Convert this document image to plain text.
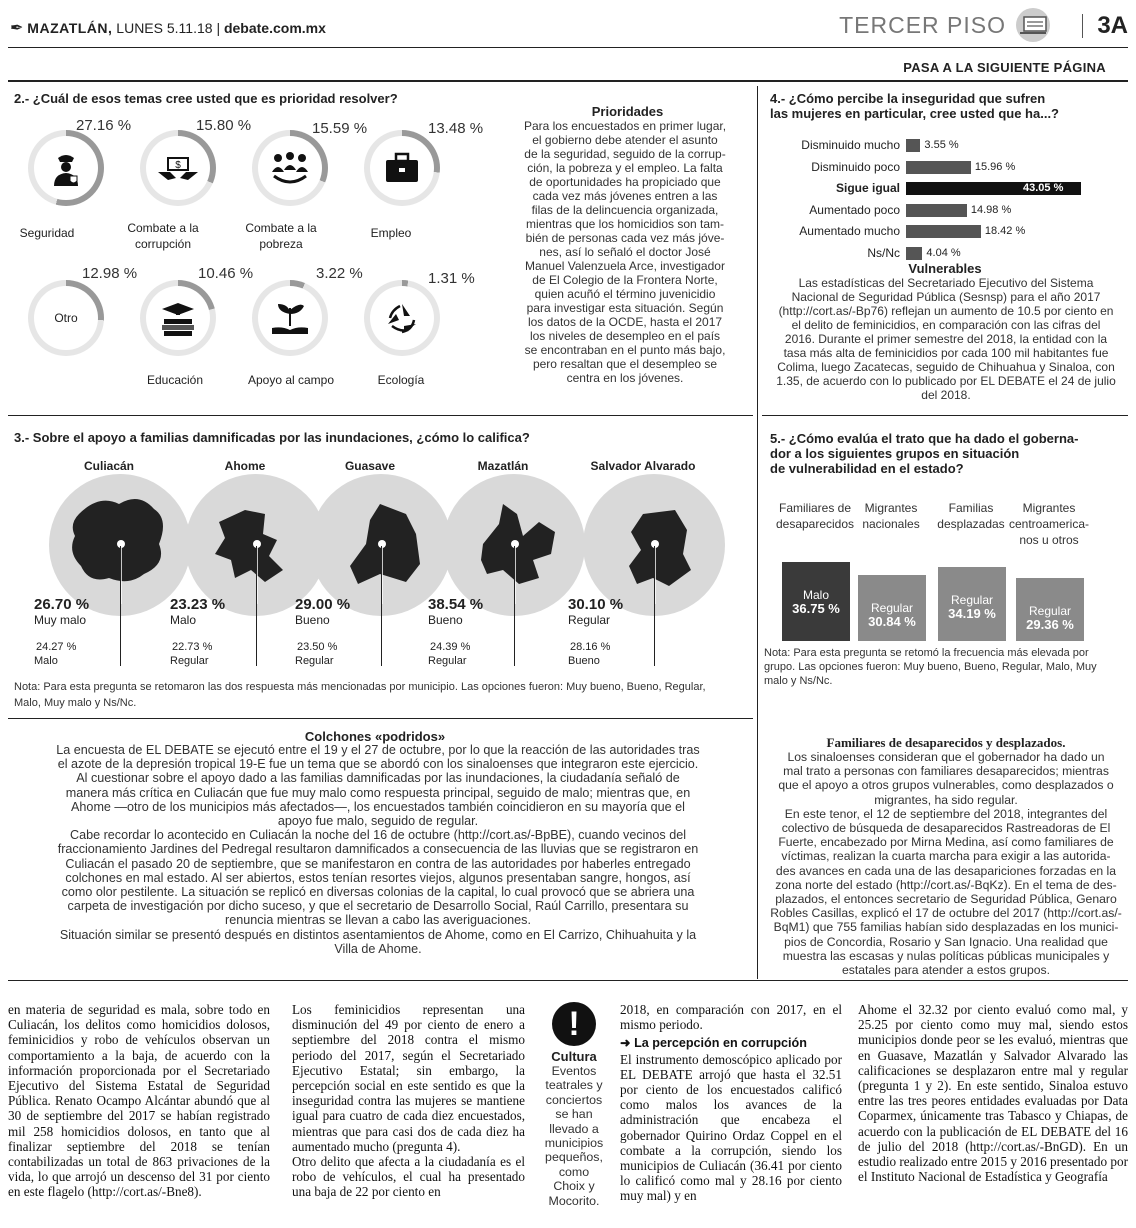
✒ MAZATLÁN, LUNES 5.11.18 | debate.com.mx	TERCER PISO	3A
PASA A LA SIGUIENTE PÁGINA
2.- ¿Cuál de esos temas cree usted que es prioridad resolver?
27.16 %
Seguridad
$
15.80 %
Combate a la corrupción
15.59 %
Combate a la pobreza
13.48 %
Empleo
Otro
12.98 %	10.46 %
Educación
3.22 %
Apoyo al campo
1.31 %
Ecología
Prioridades
Para los encuestados en primer lugar,
el gobierno debe atender el asunto
de la seguridad, seguido de la corrup-
ción, la pobreza y el empleo. La falta
de oportunidades ha propiciado que
cada vez más jóvenes entren a las
filas de la delincuencia organizada,
mientras que los homicidios son tam-
bién de personas cada vez más jóve-
nes, así lo señaló el doctor José
Manuel Valenzuela Arce, investigador
de El Colegio de la Frontera Norte,
quien acuñó el término juvenicidio
para investigar esta situación. Según
los datos de la OCDE, hasta el 2017
los niveles de desempleo en el país
se encontraban en el punto más bajo,
pero resaltan que el desempleo se
centra en los jóvenes.
4.- ¿Cómo percibe la inseguridad que sufren
las mujeres en particular, cree usted que ha...?
Disminuido mucho 3.55 %
Disminuido poco	15.96 %
Sigue igual	43.05 %
Aumentado poco	14.98 %
Aumentado mucho	18.42 %
Ns/Nc 4.04 %
Vulnerables
Las estadísticas del Secretariado Ejecutivo del Sistema
Nacional de Seguridad Pública (Sesnsp) para el año 2017
(http://cort.as/-Bp76) reflejan un aumento de 10.5 por ciento en
el delito de feminicidios, en comparación con las cifras del
2016. Durante el primer semestre del 2018, la entidad con la
tasa más alta de feminicidios por cada 100 mil habitantes fue
Colima, luego Zacatecas, seguido de Chihuahua y Sinaloa, con
1.35, de acuerdo con lo publicado por EL DEBATE el 24 de julio
del 2018.
3.- Sobre el apoyo a familias damnificadas por las inundaciones, ¿cómo lo califica?
Culiacán
26.70 %
Muy malo
24.27 %
Malo
Ahome
23.23 %
Malo
22.73 %
Regular
Guasave
29.00 %
Bueno
23.50 %
Regular
Mazatlán
38.54 %
Bueno
24.39 %
Regular
Salvador Alvarado
30.10 %
Regular
28.16 %
Bueno
Nota: Para esta pregunta se retomaron las dos respuesta más mencionadas por municipio. Las opciones fueron: Muy bueno, Bueno, Regular, Malo, Muy malo y Ns/Nc.
5.- ¿Cómo evalúa el trato que ha dado el goberna-
dor a los siguientes grupos en situación
de vulnerabilidad en el estado?
Familiares de desaparecidos
Malo
36.75 %
Migrantes nacionales
Regular
30.84 %
Familias desplazadas
Regular
34.19 %
Migrantes centroamerica-nos u otros
Regular
29.36 %
Nota: Para esta pregunta se retomó la frecuencia más elevada por grupo. Las opciones fueron: Muy bueno, Bueno, Regular, Malo, Muy malo y Ns/Nc.
Colchones «podridos»
La encuesta de EL DEBATE se ejecutó entre el 19 y el 27 de octubre, por lo que la reacción de las autoridades tras
el azote de la depresión tropical 19-E fue un tema que se abordó con los sinaloenses que integraron este ejercicio.
Al cuestionar sobre el apoyo dado a las familias damnificadas por las inundaciones, la ciudadanía señaló de
manera más crítica en Culiacán que fue muy malo como respuesta principal, seguido de malo; mientras que, en
Ahome —otro de los municipios más afectados—, los encuestados también coincidieron en su mayoría que el
apoyo fue malo, seguido de regular.
Cabe recordar lo acontecido en Culiacán la noche del 16 de octubre (http://cort.as/-BpBE), cuando vecinos del
fraccionamiento Jardines del Pedregal resultaron damnificados a consecuencia de las lluvias que se registraron en
Culiacán el pasado 20 de septiembre, que se manifestaron en contra de las autoridades por haberles entregado
colchones en mal estado. Al ser abiertos, estos tenían resortes viejos, algunos presentaban sangre, hongos, así
como olor pestilente. La situación se replicó en diversas colonias de la capital, lo cual provocó que se abriera una
carpeta de investigación por dicho suceso, y que el secretario de Desarrollo Social, Raúl Carrillo, presentara su
renuncia mientras se llevan a cabo las averiguaciones.
Situación similar se presentó después en distintos asentamientos de Ahome, como en El Carrizo, Chihuahuita y la
Villa de Ahome.
Familiares de desaparecidos y desplazados.
Los sinaloenses consideran que el gobernador ha dado un
mal trato a personas con familiares desaparecidos; mientras
que el apoyo a otros grupos vulnerables, como desplazados o
migrantes, ha sido regular.
En este tenor, el 12 de septiembre del 2018, integrantes del
colectivo de búsqueda de desaparecidos Rastreadoras de El
Fuerte, encabezado por Mirna Medina, así como familiares de
víctimas, realizan la cuarta marcha para exigir a las autorida-
des avances en cada una de las desapariciones forzadas en la
zona norte del estado (http://cort.as/-BqKz). En el tema de des-
plazados, el entonces secretario de Seguridad Pública, Genaro
Robles Casillas, explicó el 17 de octubre del 2017 (http://cort.as/-
BqM1) que 755 familias habían sido desplazadas en los munici-
pios de Concordia, Rosario y San Ignacio. Una realidad que
muestra las escasas y nulas políticas públicas municipales y
estatales para atender a estos grupos.
en materia de seguridad es mala, sobre todo en Culiacán, los delitos como homicidios dolosos, feminicidios y robo de vehículos observan un comportamiento a la baja, de acuerdo con la información proporcionada por el Secretariado Ejecutivo del Sistema Estatal de Seguridad Pública. Renato Ocampo Alcántar abundó que al 30 de septiembre del 2017 se habían registrado mil 258 homicidios dolosos, en tanto que al finalizar septiembre del 2018 se tenían contabilizadas un total de 863 privaciones de la vida, lo que arrojó un descenso del 31 por ciento en este flagelo (http://cort.as/-Bne8).
Los feminicidios representan una disminución del 49 por ciento de enero a septiembre del 2018 contra el mismo periodo del 2017, según el Secretariado Ejecutivo Estatal; sin embargo, la percepción social en este sentido es que la inseguridad contra las mujeres se mantiene igual para cuatro de cada diez encuestados, mientras que para casi dos de cada diez ha aumentado mucho (pregunta 4).
Otro delito que afecta a la ciudadanía es el robo de vehículos, el cual ha presentado una baja de 22 por ciento en
!
Cultura
Eventos
teatrales y
conciertos
se han
llevado a
municipios
pequeños,
como
Choix y
Mocorito.
2018, en comparación con 2017, en el mismo periodo.
➜ La percepción en corrupción
El instrumento demoscópico aplicado por EL DEBATE arrojó que hasta el 32.51 por ciento de los encuestados calificó como malos los avances de la administración que encabeza el gobernador Quirino Ordaz Coppel en el combate a la corrupción, siendo los municipios de Culiacán (36.41 por ciento lo calificó como mal y 28.16 por ciento muy mal) y en
Ahome el 32.32 por ciento evaluó como mal, y 25.25 por ciento como muy mal, siendo estos municipios donde peor se les evaluó, mientras que en Guasave, Mazatlán y Salvador Alvarado las calificaciones se desplazaron entre mal y regular (pregunta 1 y 2). En este sentido, Sinaloa estuvo entre las tres peores entidades evaluadas por Data Coparmex, únicamente tras Tabasco y Chiapas, de acuerdo con la publicación de EL DEBATE del 16 de julio del 2018 (http://cort.as/-BnGD). En un estudio realizado entre 2015 y 2016 presentado por el Instituto Nacional de Estadística y Geografía
